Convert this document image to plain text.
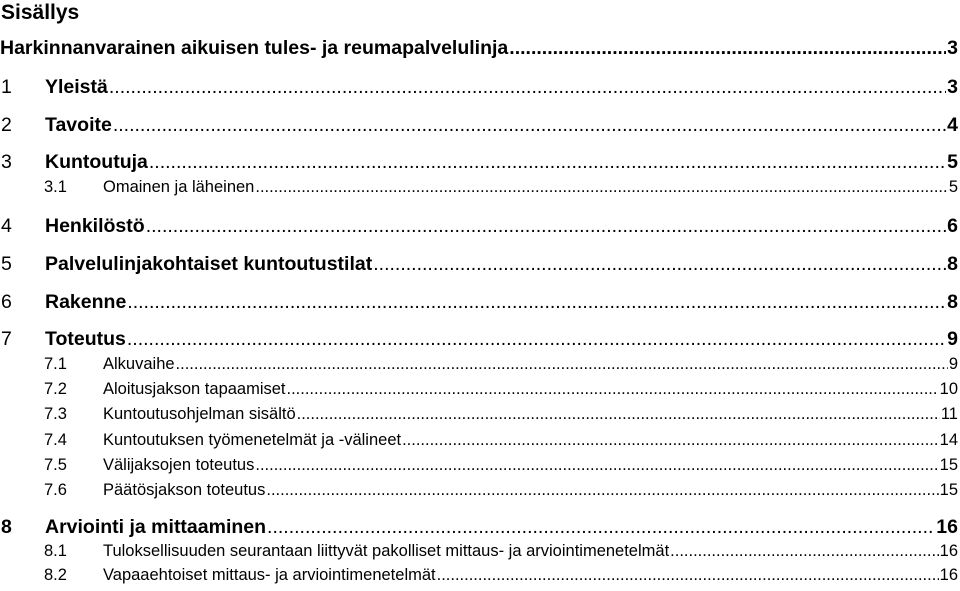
Sisällys
Harkinnanvarainen aikuisen tules- ja reumapalvelulinja .....	3
1	Yleistä .....	3
2	Tavoite .....	4
3	Kuntoutuja .....	5
3.1	Omainen ja läheinen .....	5
4	Henkilöstö .....	6
5	Palvelulinjakohtaiset kuntoutustilat .....	8
6	Rakenne .....	8
7	Toteutus .....	9
7.1	Alkuvaihe .....	9
7.2	Aloitusjakson tapaamiset .....	10
7.3	Kuntoutusohjelman sisältö .....	11
7.4	Kuntoutuksen työmenetelmät ja -välineet .....	14
7.5	Välijaksojen toteutus .....	15
7.6	Päätösjakson toteutus .....	15
8	Arviointi ja mittaaminen .....	16
8.1	Tuloksellisuuden seurantaan liittyvät pakolliset mittaus- ja arviointimenetelmät .....	16
8.2	Vapaaehtoiset mittaus- ja arviointimenetelmät .....	16
